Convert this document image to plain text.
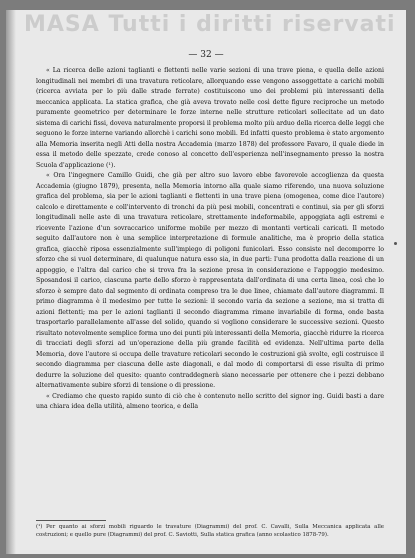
MASA Tutti i diritti riservati
— 32 —

« La ricerca delle azioni taglianti e flettenti nelle varie sezioni di una trave piena, e quella delle azioni longitudinali nei membri di una travatura reticolare, allorquando esse vengono assoggettate a carichi mobili (ricerca avviata per lo più dalle strade ferrate) costituiscono uno dei problemi più interessanti della meccanica applicata. La statica grafica, che già aveva trovato nelle così dette figure reciproche un metodo puramente geometrico per determinare le forze interne nelle strutture reticolari sollecitate ad un dato sistema di carichi fissi, doveva naturalmente proporsi il problema molto più arduo della ricerca delle leggi che seguono le forze interne variando allorchè i carichi sono mobili. Ed infatti questo problema è stato argomento alla Memoria inserita negli Atti della nostra Accademia (marzo 1878) del professore Favaro, il quale diede in essa il metodo delle spezzate, crede conoso al concetto dell'esperienza nell'insegnamento presso la nostra Scuola d'applicazione (¹).

« Ora l'ingegnere Camillo Guidi, che già per altro suo lavoro ebbe favorevole accoglienza da questa Accademia (giugno 1879), presenta, nella Memoria intorno alla quale siamo riferendo, una nuova soluzione grafica del problema, sia per le azioni taglianti e flettenti in una trave piena (omogenea, come dice l'autore) calcolo e direttamente e coll'intervento di tronchi da più pesi mobili, concentrati e continui, sia per gli sforzi longitudinali nelle aste di una travatura reticolare, strettamente indeformabile, appoggiata agli estremi e ricevente l'azione d'un sovraccarico uniforme mobile per mezzo di montanti verticali caricati. Il metodo seguito dall'autore non è una semplice interpretazione di formule analitiche, ma è proprio della statica grafica, giacchè riposa essenzialmente sull'impiego di poligoni funicolari. Esso consiste nel decomporre lo sforzo che si vuol determinare, di qualunque natura esso sia, in due parti: l'una prodotta dalla reazione di un appoggio, e l'altra dal carico che si trova fra la sezione presa in considerazione e l'appoggio medesimo. Sposandosi il carico, ciascuna parte dello sforzo è rappresentata dall'ordinata di una certa linea, così che lo sforzo è sempre dato dal segmento di ordinata compreso tra le due linee, chiamate dall'autore diagrammi. Il primo diagramma è il medesimo per tutte le sezioni: il secondo varia da sezione a sezione, ma si tratta di azioni flettenti; ma per le azioni taglianti il secondo diagramma rimane invariabile di forma, onde basta trasportarlo parallelamente all'asse del solido, quando si vogliono considerare le successive sezioni. Questo risultato notevolmente semplice forma uno dei punti più interessanti della Memoria, giacchè ridurre la ricerca di tracciati degli sforzi ad un'operazione della più grande facilità ed evidenza. Nell'ultima parte della Memoria, dove l'autore si occupa delle travature reticolari secondo le costruzioni già svolte, egli costruisce il secondo diagramma per ciascuna delle aste diagonali, e dal modo di comportarsi di esse risulta di primo dedurre la soluzione del quesito: quanto contraddegnerà siano necessarie per ottenere che i pezzi debbano alternativamente subire sforzi di tensione o di pressione.

« Crediamo che questo rapido sunto di ciò che è contenuto nello scritto del signor ing. Guidi basti a dare una chiara idea della utilità, almeno teorica, e della

(¹) Per quanto ai sforzi mobili riguardo le travature (Diagrammi) del prof. C. Cavalli, Sulla Meccanica applicata alle costruzioni; e quello pure (Diagrammi) del prof. C. Saviotti, Sulla statica grafica (anno scolastico 1878-79).
